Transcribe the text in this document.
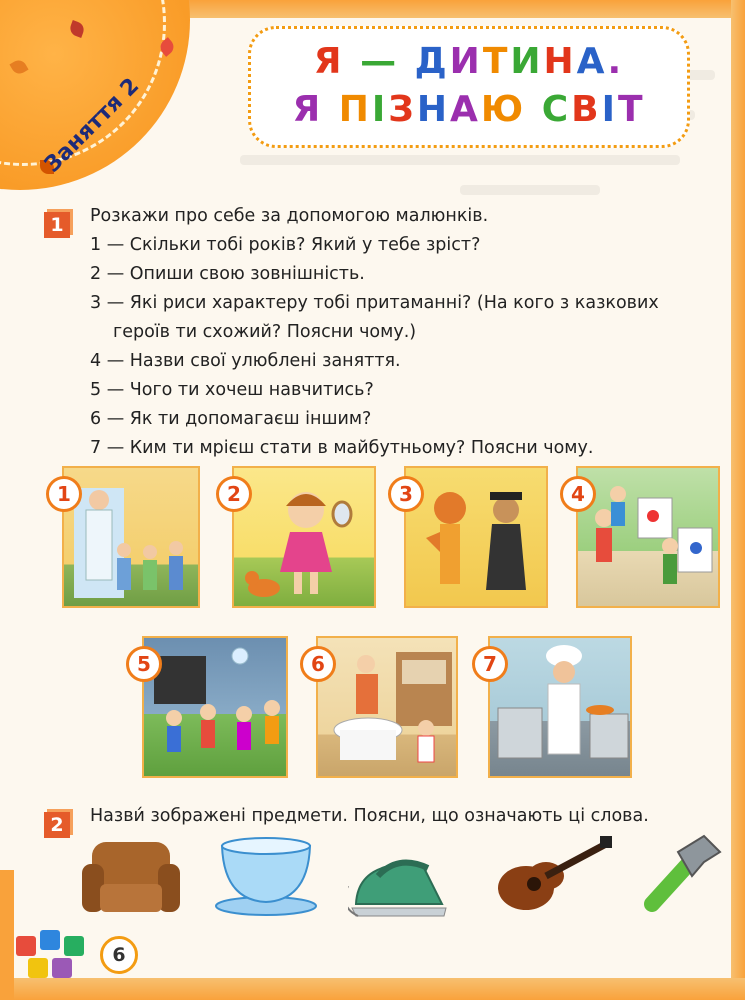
Заняття 2
Я — ДИТИНА.
Я ПІЗНАЮ СВІТ
1	Розкажи про себе за допомогою малюнків.
1 — Скільки тобі років? Який у тебе зріст?
2 — Опиши свою зовнішність.
3 — Які риси характеру тобі притаманні? (На кого з казкових
героїв ти схожий? Поясни чому.)
4 — Назви свої улюблені заняття.
5 — Чого ти хочеш навчитись?
6 — Як ти допомагаєш іншим?
7 — Ким ти мрієш стати в майбутньому? Поясни чому.
1	2	3	4
5	6	7
2	Назви́ зображені предмети. Поясни, що означають ці слова.
6
